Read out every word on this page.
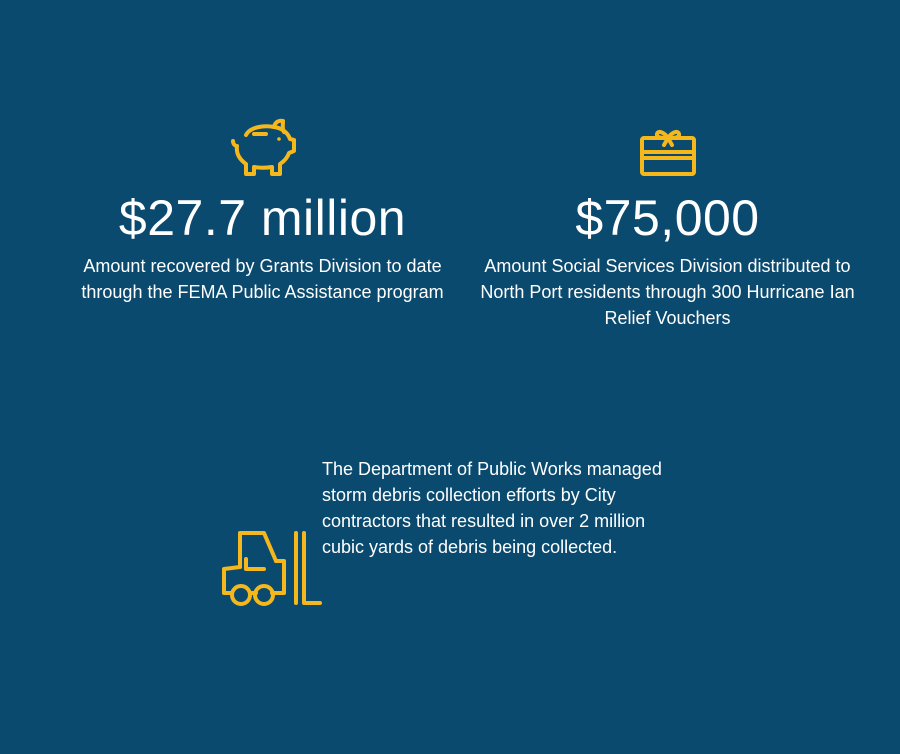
$27.7 million
Amount recovered by Grants Division to date through the FEMA Public Assistance program
$75,000
Amount Social Services Division distributed to North Port residents through 300 Hurricane Ian Relief Vouchers
The Department of Public Works managed storm debris collection efforts by City contractors that resulted in over 2 million cubic yards of debris being collected.
